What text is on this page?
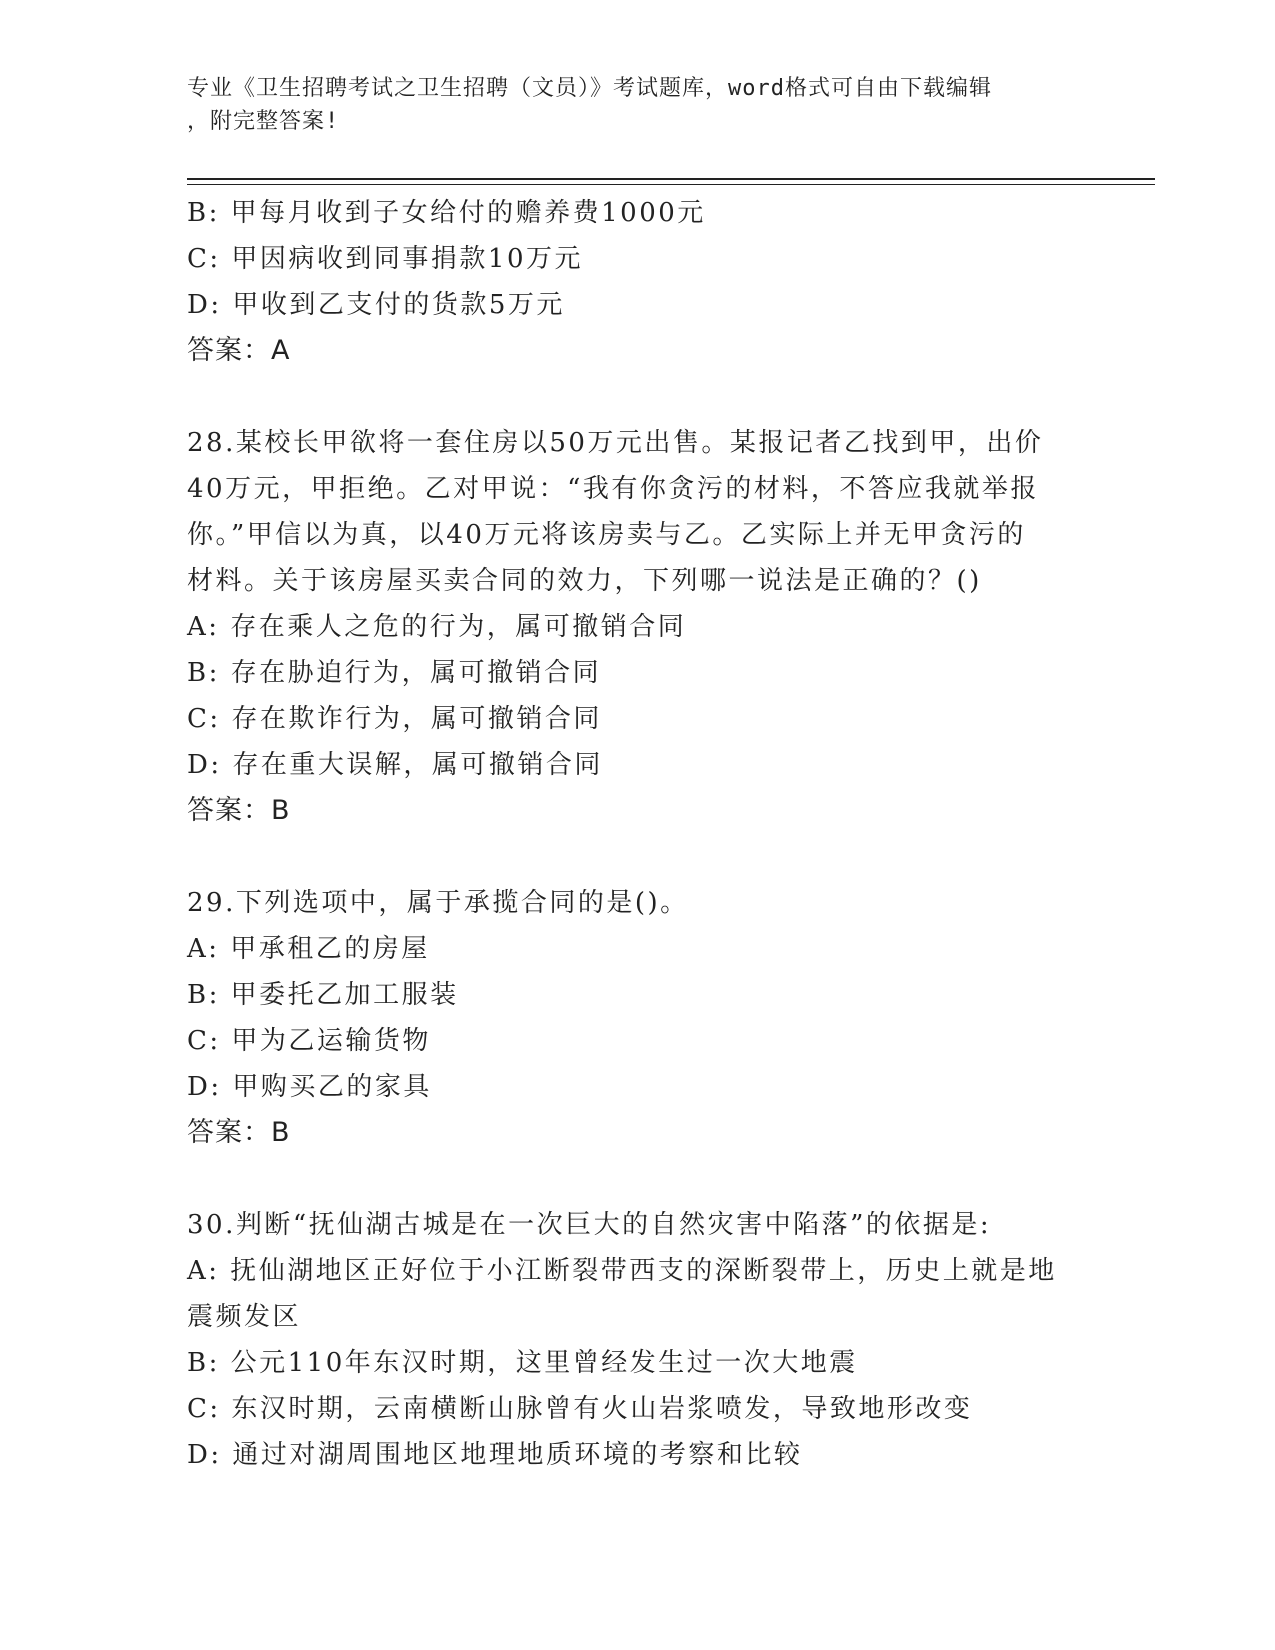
专业《卫生招聘考试之卫生招聘（文员）》考试题库，word格式可自由下载编辑
，附完整答案!
B: 甲每月收到子女给付的赡养费1000元
C: 甲因病收到同事捐款10万元
D: 甲收到乙支付的货款5万元
答案：A
28.某校长甲欲将一套住房以50万元出售。某报记者乙找到甲，出价
40万元，甲拒绝。乙对甲说：“我有你贪污的材料，不答应我就举报
你。”甲信以为真，以40万元将该房卖与乙。乙实际上并无甲贪污的
材料。关于该房屋买卖合同的效力，下列哪一说法是正确的？()
A: 存在乘人之危的行为，属可撤销合同
B: 存在胁迫行为，属可撤销合同
C: 存在欺诈行为，属可撤销合同
D: 存在重大误解，属可撤销合同
答案：B
29.下列选项中，属于承揽合同的是()。
A: 甲承租乙的房屋
B: 甲委托乙加工服装
C: 甲为乙运输货物
D: 甲购买乙的家具
答案：B
30.判断“抚仙湖古城是在一次巨大的自然灾害中陷落”的依据是:
A: 抚仙湖地区正好位于小江断裂带西支的深断裂带上，历史上就是地
震频发区
B: 公元110年东汉时期，这里曾经发生过一次大地震
C: 东汉时期，云南横断山脉曾有火山岩浆喷发，导致地形改变
D: 通过对湖周围地区地理地质环境的考察和比较
